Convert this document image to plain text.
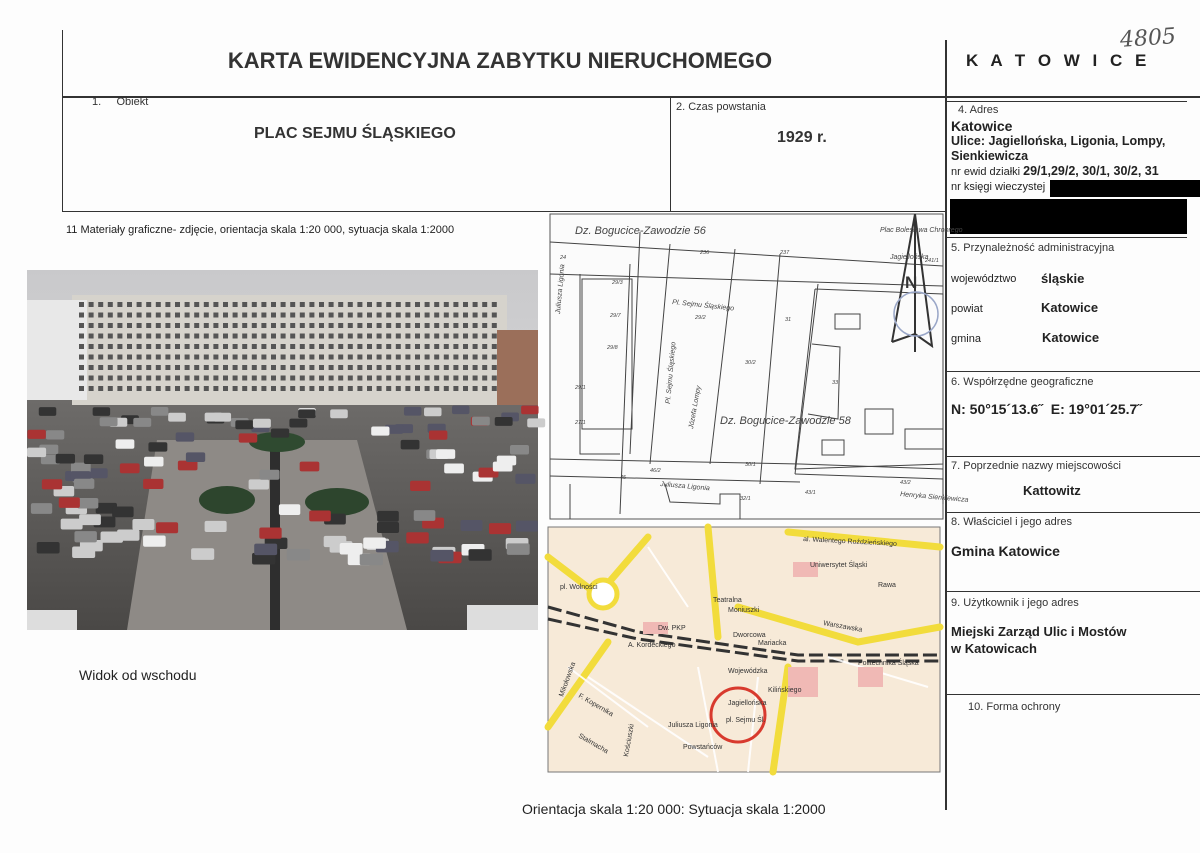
KARTA EWIDENCYJNA ZABYTKU NIERUCHOMEGO	K A T O W I C E
4805
1.     Obiekt
PLAC SEJMU ŚLĄSKIEGO
2. Czas powstania
1929 r.
4. Adres
Katowice
Ulice: Jagiellońska, Ligonia, Lompy,
Sienkiewicza
nr ewid działki 29/1,29/2, 30/1, 30/2, 31
nr księgi wieczystej
5. Przynależność administracyjna
województwo śląskie
powiat	Katowice
gmina	Katowice
6. Współrzędne geograficzne
N: 50°15´13.6˝  E: 19°01´25.7˝
7. Poprzednie nazwy miejscowości
Kattowitz
8. Właściciel i jego adres
Gmina Katowice
9. Użytkownik i jego adres
Miejski Zarząd Ulic i Mostów
w Katowicach
10. Forma ochrony
11 Materiały graficzne- zdjęcie, orientacja skala 1:20 000, sytuacja skala 1:2000
Widok od wschodu
N
Dz. Bogucice-Zawodzie 56	Plac Bolesława Chrobrego
Jagiellońska
Pl. Sejmu Śląskiego
Pl. Sejmu Śląskiego
Józefa Lompy Dz. Bogucice-Zawodzie 58
Juliusza Ligonia
Juliusza Ligonia
Henryka Sienkiewicza
236	237
29/2
30/2
31
33
29/3
29/7
29/8
29/1
27/1
30/1
43/2
43/1
46/2
45
32/1
241/1
24
al. Walentego Roździeńskiego
Warszawska
Uniwersytet Śląski
Teatralna
Mariacka
Dworcowa
A. Kordeckiego
Wojewódzka
Jagiellońska
pl. Sejmu Śl.
Juliusza Ligonia
Powstańców
pl. Wolności
Mikołowska
Kościuszki
F. Kopernika
Stalmacha
Kilińskiego
Dw. PKP
Politechnika Śląska
Rawa
Moniuszki
Orientacja skala 1:20 000: Sytuacja skala 1:2000
